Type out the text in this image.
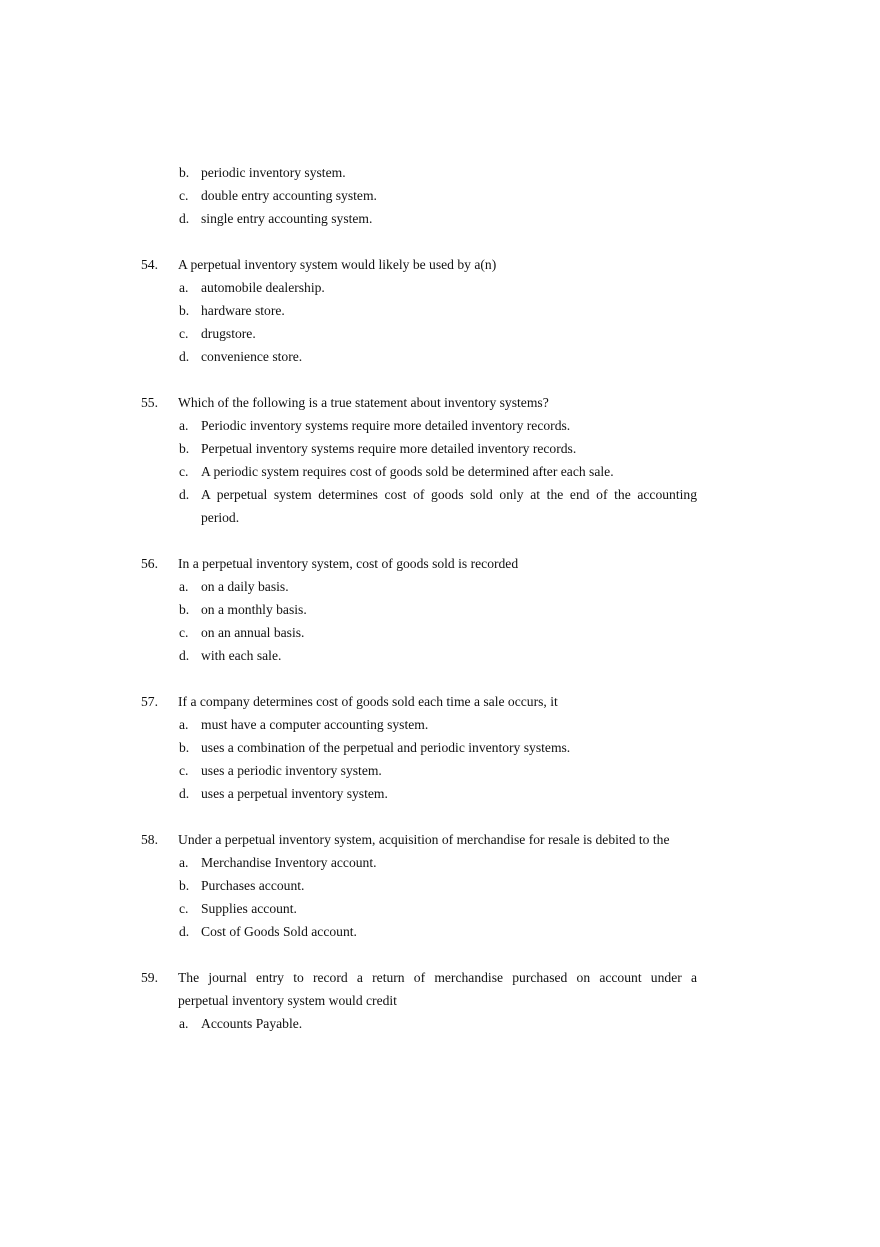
b. periodic inventory system.
c. double entry accounting system.
d. single entry accounting system.
54. A perpetual inventory system would likely be used by a(n)
a. automobile dealership.
b. hardware store.
c. drugstore.
d. convenience store.
55. Which of the following is a true statement about inventory systems?
a. Periodic inventory systems require more detailed inventory records.
b. Perpetual inventory systems require more detailed inventory records.
c. A periodic system requires cost of goods sold be determined after each sale.
d. A perpetual system determines cost of goods sold only at the end of the accounting
period.
56. In a perpetual inventory system, cost of goods sold is recorded
a. on a daily basis.
b. on a monthly basis.
c. on an annual basis.
d. with each sale.
57. If a company determines cost of goods sold each time a sale occurs, it
a. must have a computer accounting system.
b. uses a combination of the perpetual and periodic inventory systems.
c. uses a periodic inventory system.
d. uses a perpetual inventory system.
58. Under a perpetual inventory system, acquisition of merchandise for resale is debited to the
a. Merchandise Inventory account.
b. Purchases account.
c. Supplies account.
d. Cost of Goods Sold account.
59. The journal entry to record a return of merchandise purchased on account under a
perpetual inventory system would credit
a. Accounts Payable.
